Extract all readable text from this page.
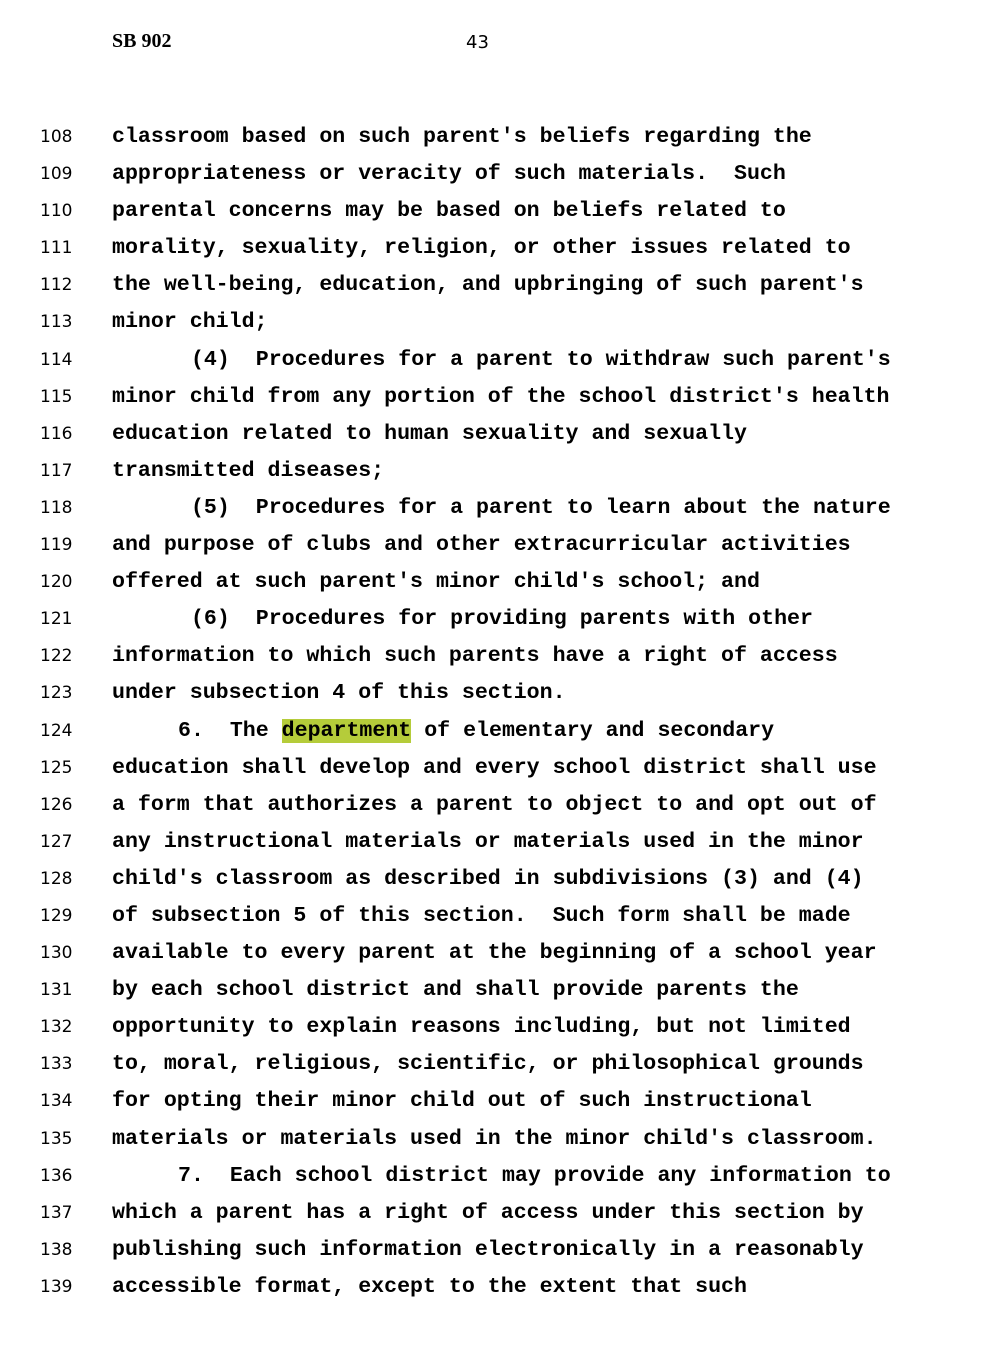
SB 902	43
108 classroom based on such parent's beliefs regarding the
109 appropriateness or veracity of such materials.  Such
110 parental concerns may be based on beliefs related to
111 morality, sexuality, religion, or other issues related to
112 the well-being, education, and upbringing of such parent's
113 minor child;
114	(4)  Procedures for a parent to withdraw such parent's
115 minor child from any portion of the school district's health
116 education related to human sexuality and sexually
117 transmitted diseases;
118	(5)  Procedures for a parent to learn about the nature
119 and purpose of clubs and other extracurricular activities
120 offered at such parent's minor child's school; and
121	(6)  Procedures for providing parents with other
122 information to which such parents have a right of access
123 under subsection 4 of this section.
124	6.  The department of elementary and secondary
125 education shall develop and every school district shall use
126 a form that authorizes a parent to object to and opt out of
127 any instructional materials or materials used in the minor
128 child's classroom as described in subdivisions (3) and (4)
129 of subsection 5 of this section.  Such form shall be made
130 available to every parent at the beginning of a school year
131 by each school district and shall provide parents the
132 opportunity to explain reasons including, but not limited
133 to, moral, religious, scientific, or philosophical grounds
134 for opting their minor child out of such instructional
135 materials or materials used in the minor child's classroom.
136	7.  Each school district may provide any information to
137 which a parent has a right of access under this section by
138 publishing such information electronically in a reasonably
139 accessible format, except to the extent that such
